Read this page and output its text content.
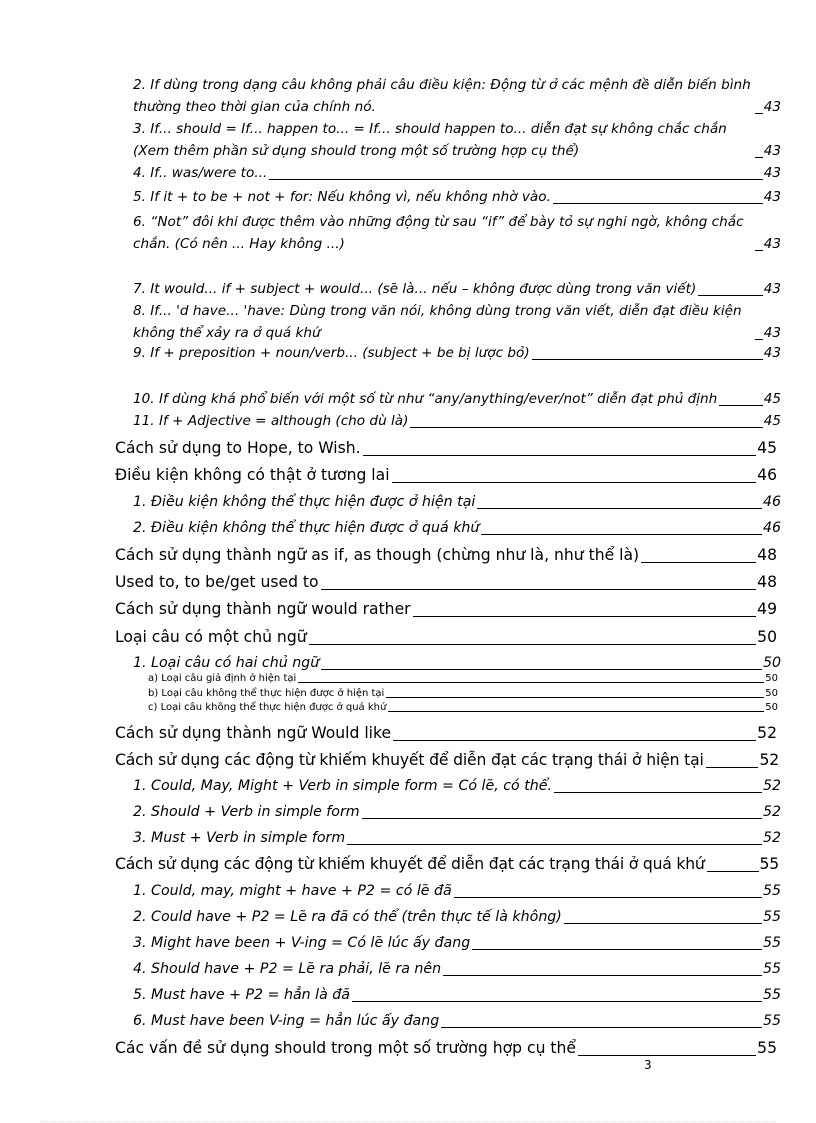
2. If dùng trong dạng câu không phải câu điều kiện: Động từ ở các mệnh đề diễn biến bình thường theo thời gian của chính nó.	43
3. If... should = If... happen to... = If... should happen to... diễn đạt sự không chắc chắn (Xem thêm phần sử dụng should trong một số trường hợp cụ thể)	43
4. If.. was/were to...	43
5. If it + to be + not + for: Nếu không vì, nếu không nhờ vào.	43
6. “Not” đôi khi được thêm vào những động từ sau “if” để bày tỏ sự nghi ngờ, không chắc chắn. (Có nên ... Hay không ...)	43
7. It would... if + subject + would... (sẽ là... nếu – không được dùng trong văn viết)	43
8. If... 'd have... 'have: Dùng trong văn nói, không dùng trong văn viết, diễn đạt điều kiện không thể xảy ra ở quá khứ	43
9. If + preposition + noun/verb... (subject + be bị lược bỏ)	43
10. If dùng khá phổ biến với một số từ như “any/anything/ever/not” diễn đạt phủ định	45
11. If + Adjective = although (cho dù là)	45
Cách sử dụng to Hope, to Wish.	45
Điều kiện không có thật ở tương lai	46
1. Điều kiện không thể thực hiện được ở hiện tại	46
2. Điều kiện không thể thực hiện được ở quá khứ	46
Cách sử dụng thành ngữ as if, as though (chừng như là, như thể là)	48
Used to, to be/get used to	48
Cách sử dụng thành ngữ would rather	49
Loại câu có một chủ ngữ	50
1. Loại câu có hai chủ ngữ	50
a) Loại câu giả định ở hiện tại	50
b) Loại câu không thể thực hiện được ở hiện tại	50
c) Loại câu không thể thực hiện được ở quá khứ	50
Cách sử dụng thành ngữ Would like	52
Cách sử dụng các động từ khiếm khuyết để diễn đạt các trạng thái ở hiện tại	52
1. Could, May, Might + Verb in simple form = Có lẽ, có thể.	52
2. Should + Verb in simple form	52
3. Must + Verb in simple form	52
Cách sử dụng các động từ khiếm khuyết để diễn đạt các trạng thái ở quá khứ	55
1. Could, may, might + have + P2 = có lẽ đã	55
2. Could have + P2 = Lẽ ra đã có thể (trên thực tế là không)	55
3. Might have been + V-ing = Có lẽ lúc ấy đang	55
4. Should have + P2 = Lẽ ra phải, lẽ ra nên	55
5. Must have + P2 = hẳn là đã	55
6. Must have been V-ing = hẳn lúc ấy đang	55
Các vấn đề sử dụng should trong một số trường hợp cụ thể	55
3
